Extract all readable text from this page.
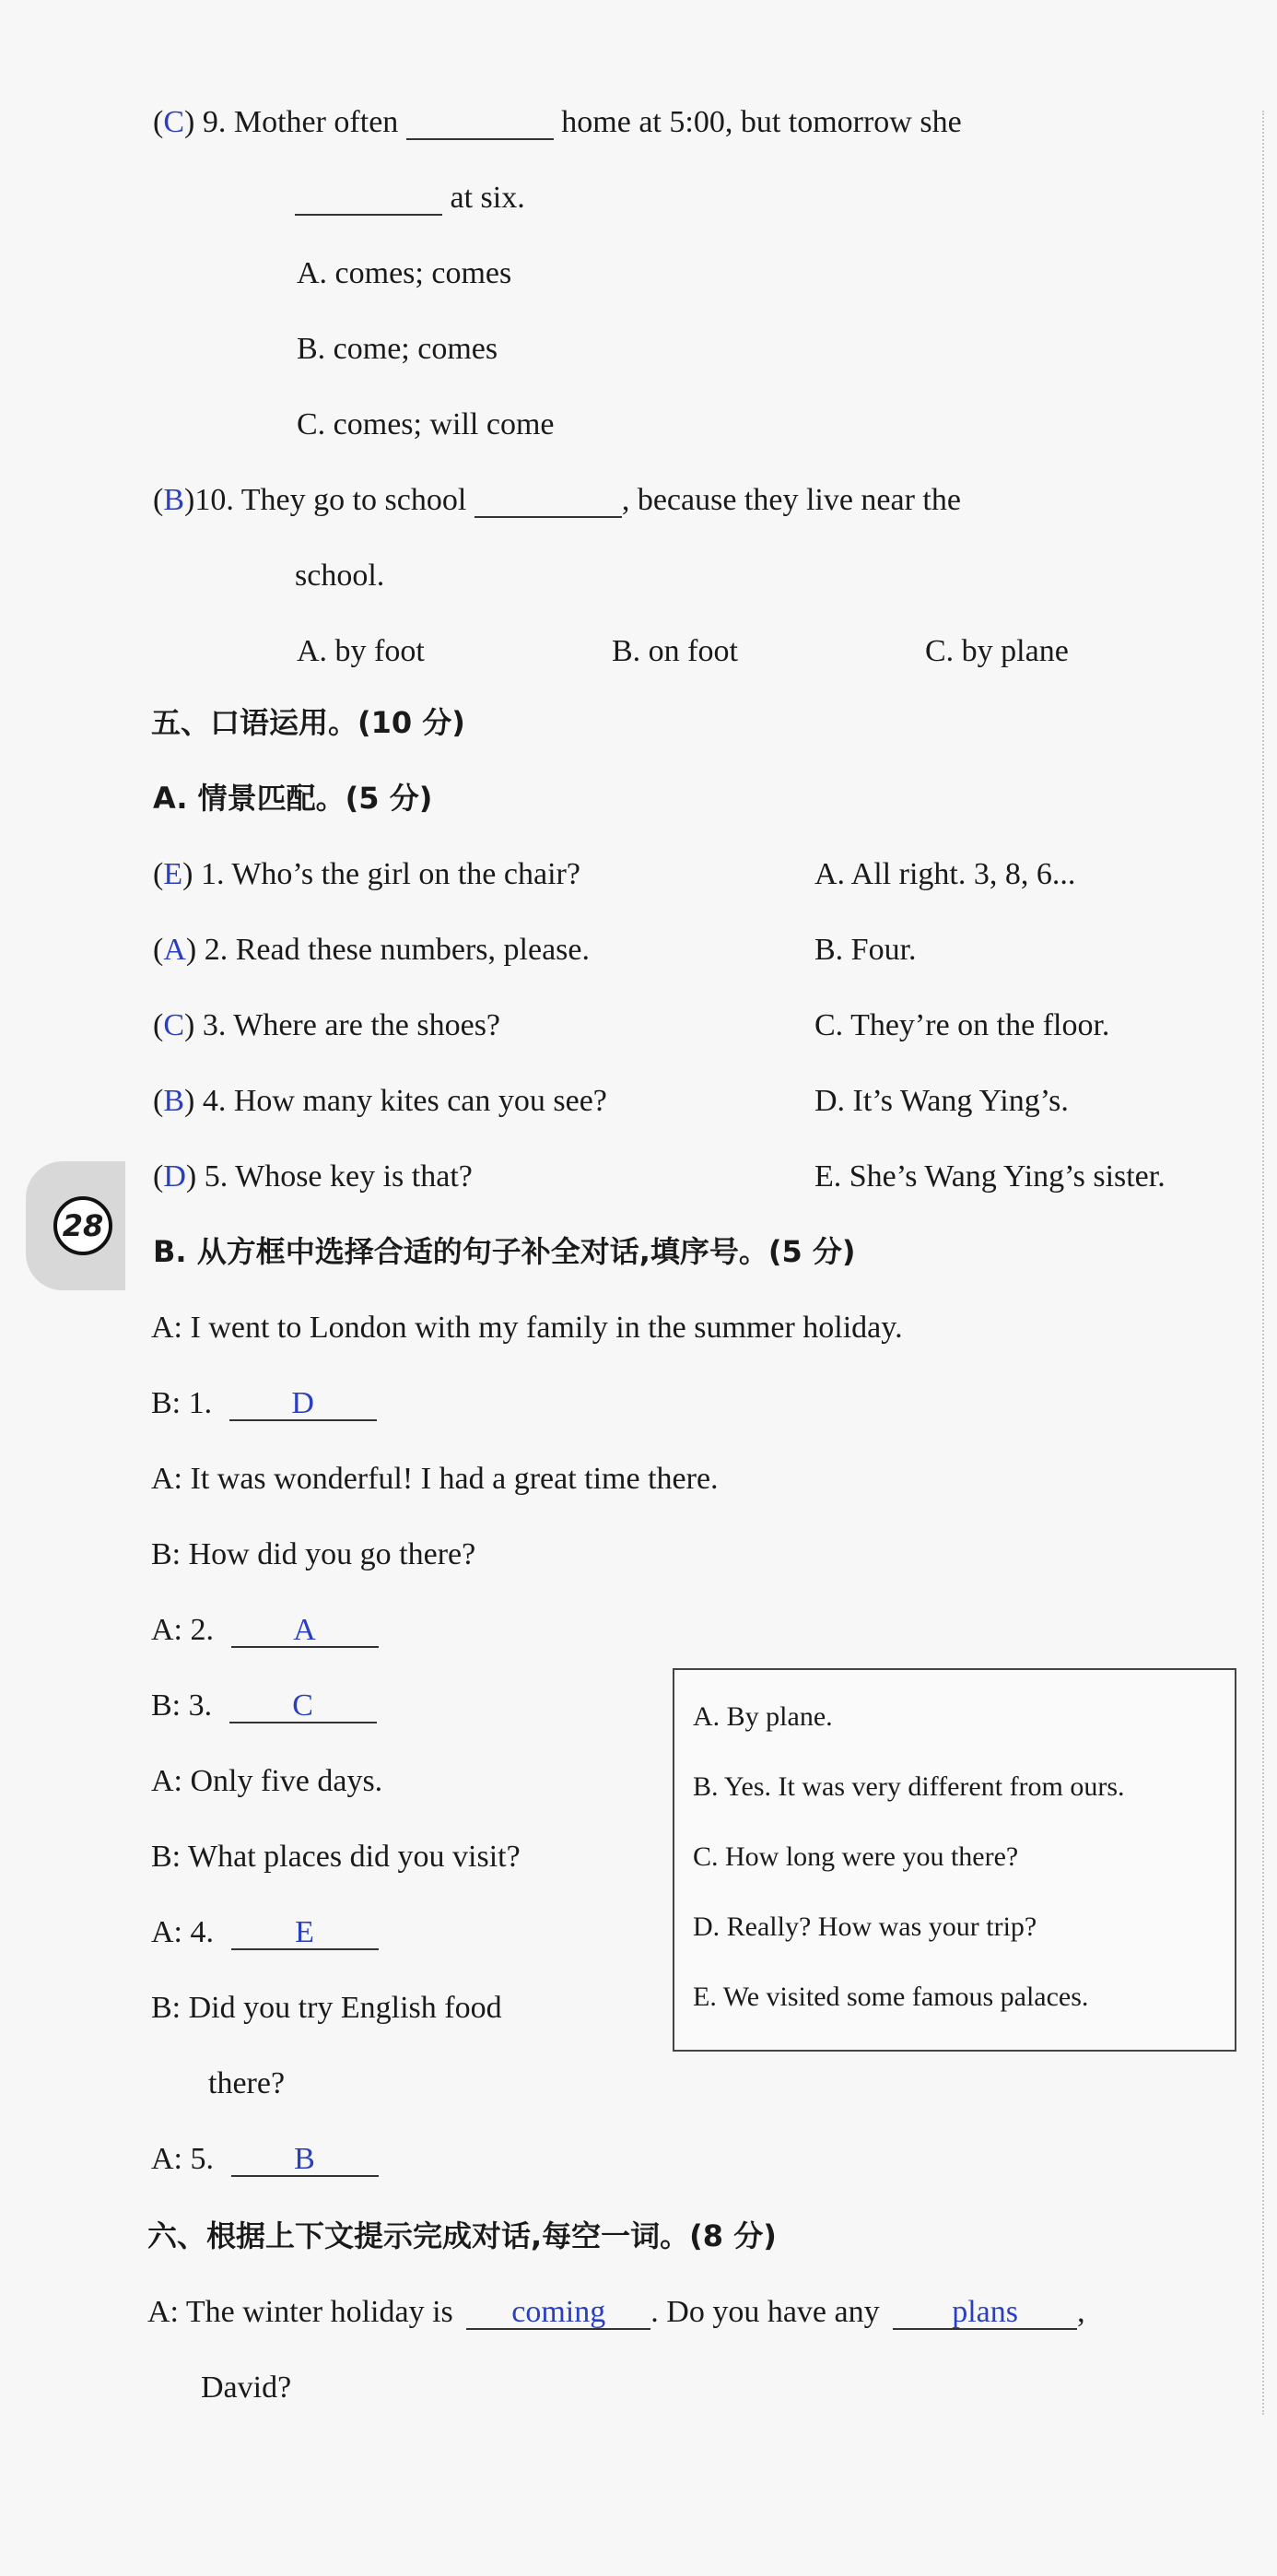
(C) 9. Mother often	home at 5:00, but tomorrow she
at six.
A. comes; comes
B. come; comes
C. comes; will come
(B)10. They go to school	, because they live near the
school.
A. by foot	B. on foot	C. by plane
五、口语运用。(10 分)
A. 情景匹配。(5 分)
(E) 1. Who’s the girl on the chair?	A. All right. 3, 8, 6...
(A) 2. Read these numbers, please.	B. Four.
(C) 3. Where are the shoes?	C. They’re on the floor.
(B) 4. How many kites can you see?	D. It’s Wang Ying’s.
(D) 5. Whose key is that?	E. She’s Wang Ying’s sister.
28
B. 从方框中选择合适的句子补全对话,填序号。(5 分)
A: I went to London with my family in the summer holiday.
B: 1.	D
A: It was wonderful! I had a great time there.
B: How did you go there?
A: 2.	A
B: 3.	C
A: Only five days.
B: What places did you visit?
A: 4.	E
B: Did you try English food
there?
A: 5.	B
A. By plane.
B. Yes. It was very different from ours.
C. How long were you there?
D. Really? How was your trip?
E. We visited some famous palaces.
六、根据上下文提示完成对话,每空一词。(8 分)
A: The winter holiday is coming . Do you have any plans ,
David?
